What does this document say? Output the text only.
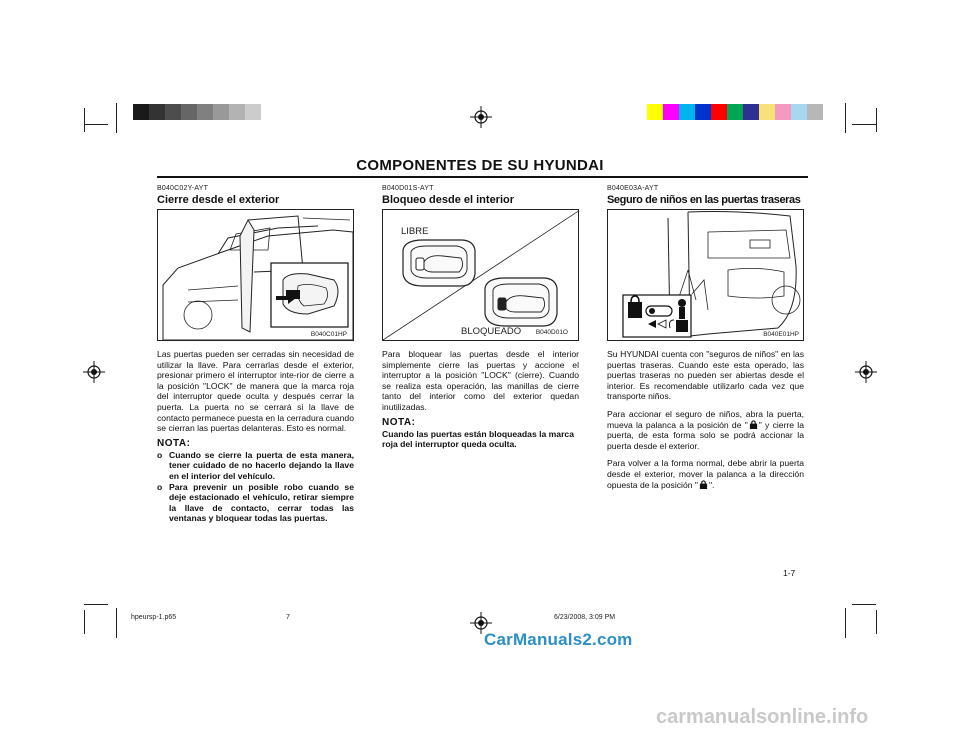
COMPONENTES DE SU HYUNDAI
B040C02Y-AYT
Cierre desde el exterior
B040C01HP
Las puertas pueden ser cerradas sin necesidad de utilizar la llave. Para cerrarlas desde el exterior, presionar primero el interruptor inte-rior de cierre a la posición "LOCK" de manera que la marca roja del interruptor quede oculta y después cerrar la puerta. La puerta no se cerrará si la llave de contacto permanece puesta en la cerradura cuando se cierran las puertas delanteras. Esto es normal.
NOTA:
o Cuando se cierre la puerta de esta manera, tener cuidado de no hacerlo dejando la llave en el interior del vehículo.
o Para prevenir un posible robo cuando se deje estacionado el vehículo, retirar siempre la llave de contacto, cerrar todas las ventanas y bloquear todas las puertas.
B040D01S-AYT
Bloqueo desde el interior
LIBRE
BLOQUEADO B040D01O
Para bloquear las puertas desde el interior simplemente cierre las puertas y accione el interruptor a la posición "LOCK" (cierre). Cuando se realiza esta operación, las manillas de cierre tanto del interior como del exterior quedan inutilizadas.
NOTA:
Cuando las puertas están bloqueadas la marca roja del interruptor queda oculta.
B040E03A-AYT
Seguro de niños en las puertas traseras
L
B040E01HP

Su HYUNDAI cuenta con "seguros de niños" en las puertas traseras. Cuando este esta operado, las puertas traseras no pueden ser abiertas desde el interior. Es recomendable utilizarlo cada vez que transporte niños.

Para accionar el seguro de niños, abra la puerta, mueva la palanca a la posición de " " y cierre la puerta, de esta forma solo se podrá accionar la puerta desde el exterior.

Para volver a la forma normal, debe abrir la puerta desde el exterior, mover la palanca a la dirección opuesta de la posición " ".

1-7
hpeursp-1.p65	7	6/23/2008, 3:09 PM
CarManuals2.com
carmanualsonline.info
